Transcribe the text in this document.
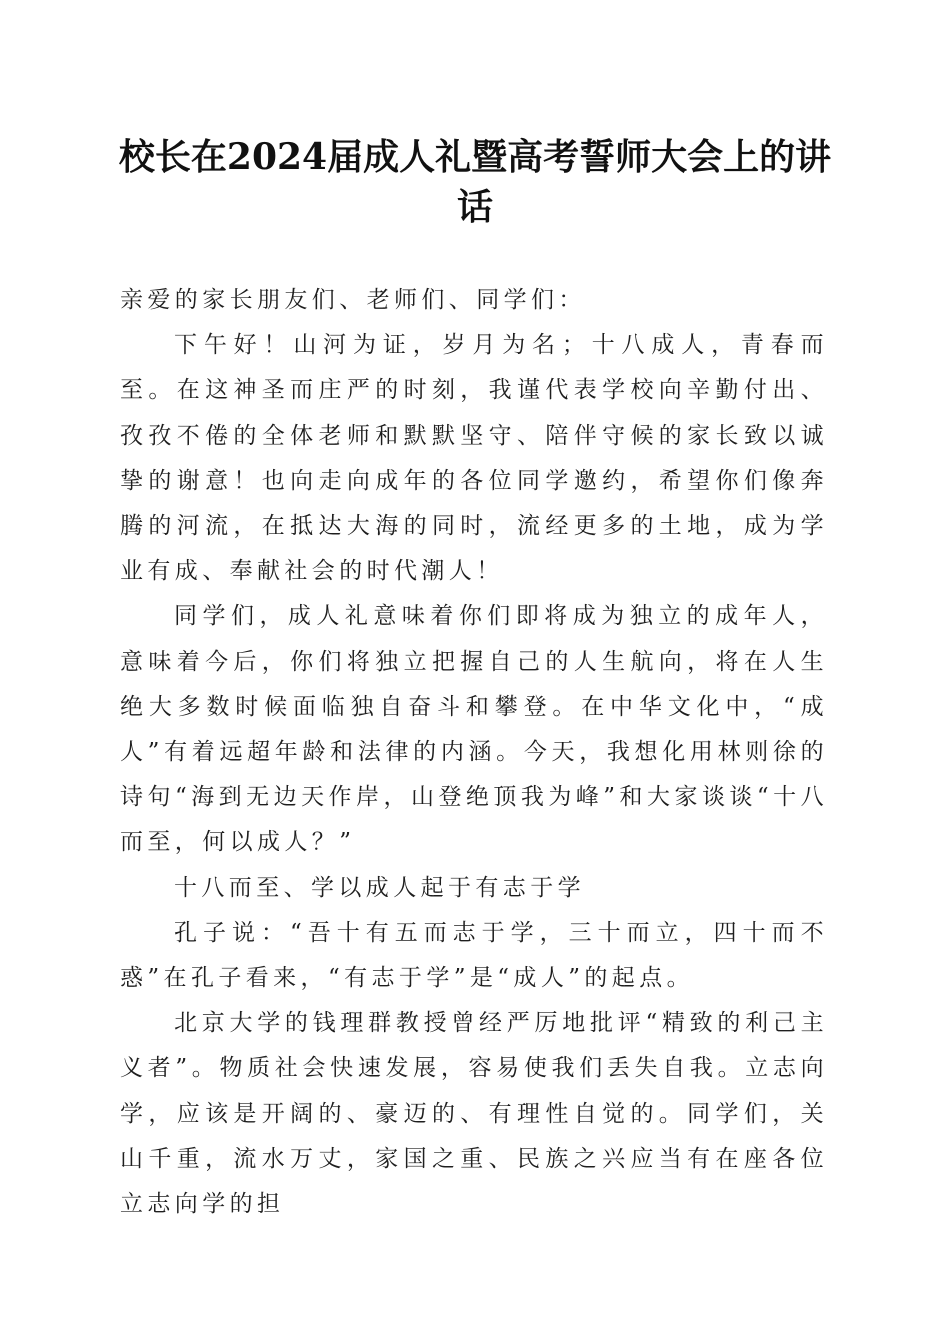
校长在2024届成人礼暨高考誓师大会上的讲话

亲爱的家长朋友们、老师们、同学们：

下午好！山河为证，岁月为名；十八成人，青春而至。在这神圣而庄严的时刻，我谨代表学校向辛勤付出、孜孜不倦的全体老师和默默坚守、陪伴守候的家长致以诚挚的谢意！也向走向成年的各位同学邀约，希望你们像奔腾的河流，在抵达大海的同时，流经更多的土地，成为学业有成、奉献社会的时代潮人！

同学们，成人礼意味着你们即将成为独立的成年人，意味着今后，你们将独立把握自己的人生航向，将在人生绝大多数时候面临独自奋斗和攀登。在中华文化中，“成人”有着远超年龄和法律的内涵。今天，我想化用林则徐的诗句“海到无边天作岸，山登绝顶我为峰”和大家谈谈“十八而至，何以成人？”

十八而至、学以成人起于有志于学

孔子说：“吾十有五而志于学，三十而立，四十而不惑”在孔子看来，“有志于学”是“成人”的起点。

北京大学的钱理群教授曾经严厉地批评“精致的利己主义者”。物质社会快速发展，容易使我们丢失自我。立志向学，应该是开阔的、豪迈的、有理性自觉的。同学们，关山千重，流水万丈，家国之重、民族之兴应当有在座各位立志向学的担
